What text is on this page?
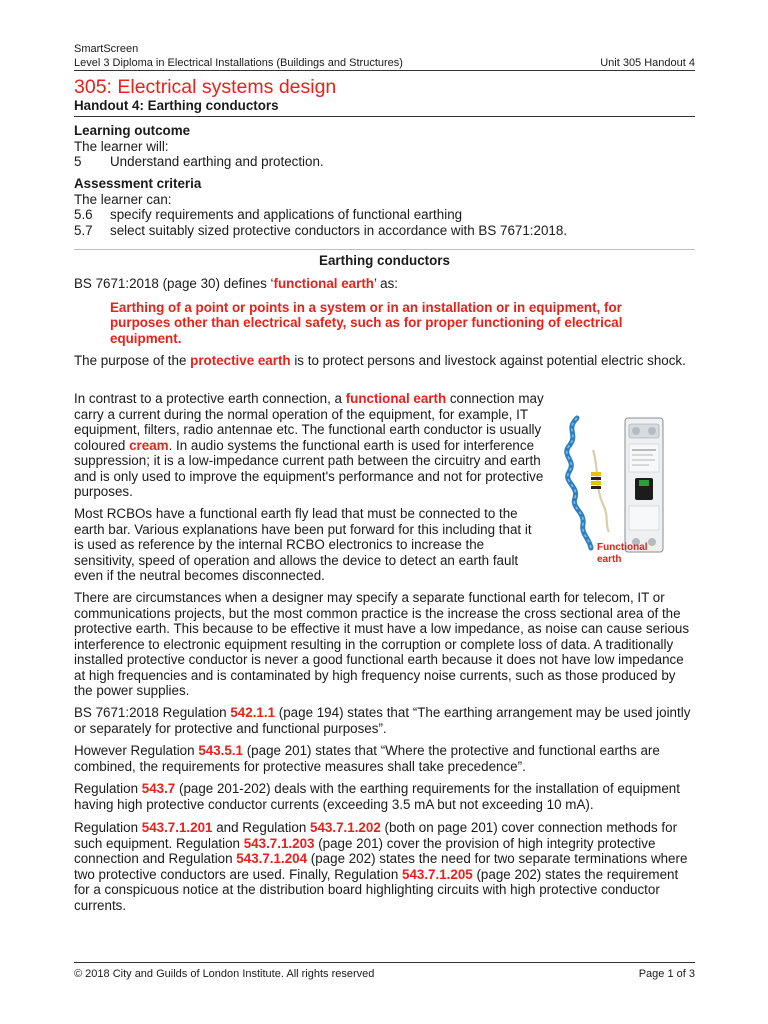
SmartScreen
Level 3 Diploma in Electrical Installations (Buildings and Structures)	Unit 305 Handout 4
305: Electrical systems design
Handout 4: Earthing conductors
Learning outcome
The learner will:
5	Understand earthing and protection.
Assessment criteria
The learner can:
5.6	specify requirements and applications of functional earthing
5.7	select suitably sized protective conductors in accordance with BS 7671:2018.
Earthing conductors

BS 7671:2018 (page 30) defines ‘functional earth’ as:

Earthing of a point or points in a system or in an installation or in equipment, for purposes other than electrical safety, such as for proper functioning of electrical equipment.

The purpose of the protective earth is to protect persons and livestock against potential electric shock.

In contrast to a protective earth connection, a functional earth connection may carry a current during the normal operation of the equipment, for example, IT equipment, filters, radio antennae etc. The functional earth conductor is usually coloured cream. In audio systems the functional earth is used for interference suppression; it is a low-impedance current path between the circuitry and earth and is only used to improve the equipment's performance and not for protective purposes.

Most RCBOs have a functional earth fly lead that must be connected to the earth bar. Various explanations have been put forward for this including that it is used as reference by the internal RCBO electronics to increase the sensitivity, speed of operation and allows the device to detect an earth fault even if the neutral becomes disconnected.

Functional earth

There are circumstances when a designer may specify a separate functional earth for telecom, IT or communications projects, but the most common practice is the increase the cross sectional area of the protective earth. This because to be effective it must have a low impedance, as noise can cause serious interference to electronic equipment resulting in the corruption or complete loss of data. A traditionally installed protective conductor is never a good functional earth because it does not have low impedance at high frequencies and is contaminated by high frequency noise currents, such as those produced by the power supplies.

BS 7671:2018 Regulation 542.1.1 (page 194) states that “The earthing arrangement may be used jointly or separately for protective and functional purposes”.

However Regulation 543.5.1 (page 201) states that “Where the protective and functional earths are combined, the requirements for protective measures shall take precedence”.

Regulation 543.7 (page 201-202) deals with the earthing requirements for the installation of equipment having high protective conductor currents (exceeding 3.5 mA but not exceeding 10 mA).

Regulation 543.7.1.201 and Regulation 543.7.1.202 (both on page 201) cover connection methods for such equipment. Regulation 543.7.1.203 (page 201) cover the provision of high integrity protective connection and Regulation 543.7.1.204 (page 202) states the need for two separate terminations where two protective conductors are used. Finally, Regulation 543.7.1.205 (page 202) states the requirement for a conspicuous notice at the distribution board highlighting circuits with high protective conductor currents.

© 2018 City and Guilds of London Institute. All rights reserved	Page 1 of 3
